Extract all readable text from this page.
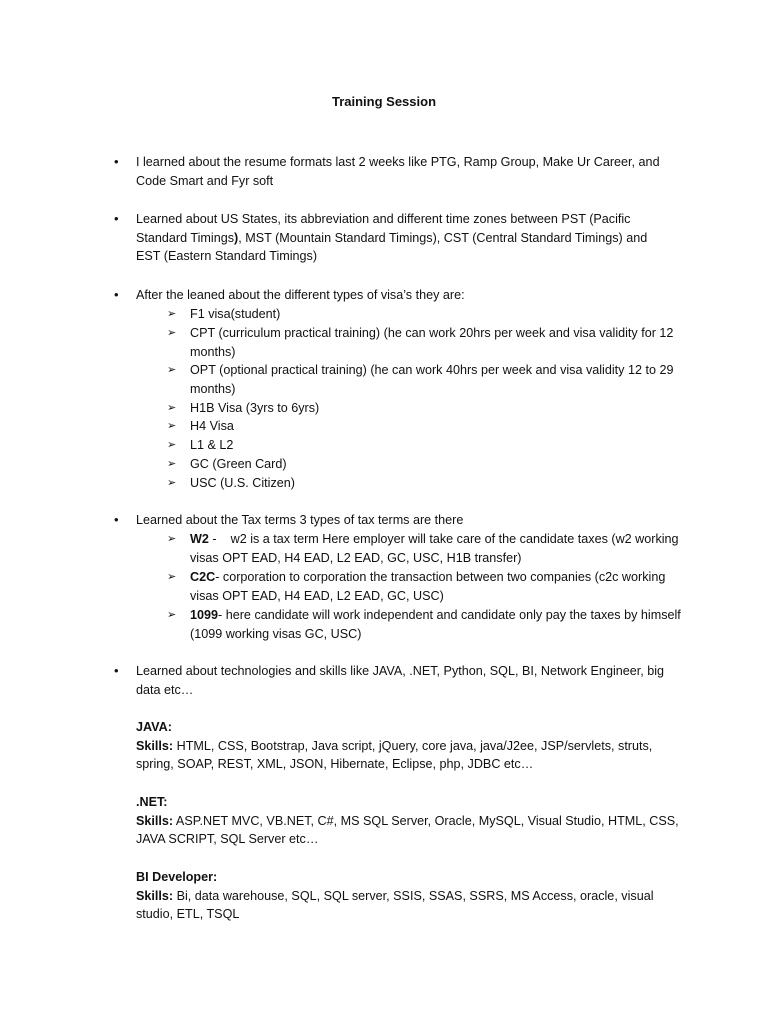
Training Session
• I learned about the resume formats last 2 weeks like PTG, Ramp Group, Make Ur Career, and Code Smart and Fyr soft
• Learned about US States, its abbreviation and different time zones between PST (Pacific Standard Timings), MST (Mountain Standard Timings), CST (Central Standard Timings) and EST (Eastern Standard Timings)
• After the leaned about the different types of visa’s they are:
➢ F1 visa(student)
➢ CPT (curriculum practical training) (he can work 20hrs per week and visa validity for 12 months)
➢ OPT (optional practical training) (he can work 40hrs per week and visa validity 12 to 29 months)
➢ H1B Visa (3yrs to 6yrs)
➢ H4 Visa
➢ L1 & L2
➢ GC (Green Card)
➢ USC (U.S. Citizen)
• Learned about the Tax terms 3 types of tax terms are there
➢ W2 -    w2 is a tax term Here employer will take care of the candidate taxes (w2 working visas OPT EAD, H4 EAD, L2 EAD, GC, USC, H1B transfer)
➢ C2C- corporation to corporation the transaction between two companies (c2c working visas OPT EAD, H4 EAD, L2 EAD, GC, USC)
➢ 1099- here candidate will work independent and candidate only pay the taxes by himself (1099 working visas GC, USC)
• Learned about technologies and skills like JAVA, .NET, Python, SQL, BI, Network Engineer, big data etc…
JAVA:
Skills: HTML, CSS, Bootstrap, Java script, jQuery, core java, java/J2ee, JSP/servlets, struts, spring, SOAP, REST, XML, JSON, Hibernate, Eclipse, php, JDBC etc…
.NET:
Skills: ASP.NET MVC, VB.NET, C#, MS SQL Server, Oracle, MySQL, Visual Studio, HTML, CSS, JAVA SCRIPT, SQL Server etc…
BI Developer:
Skills: Bi, data warehouse, SQL, SQL server, SSIS, SSAS, SSRS, MS Access, oracle, visual studio, ETL, TSQL
